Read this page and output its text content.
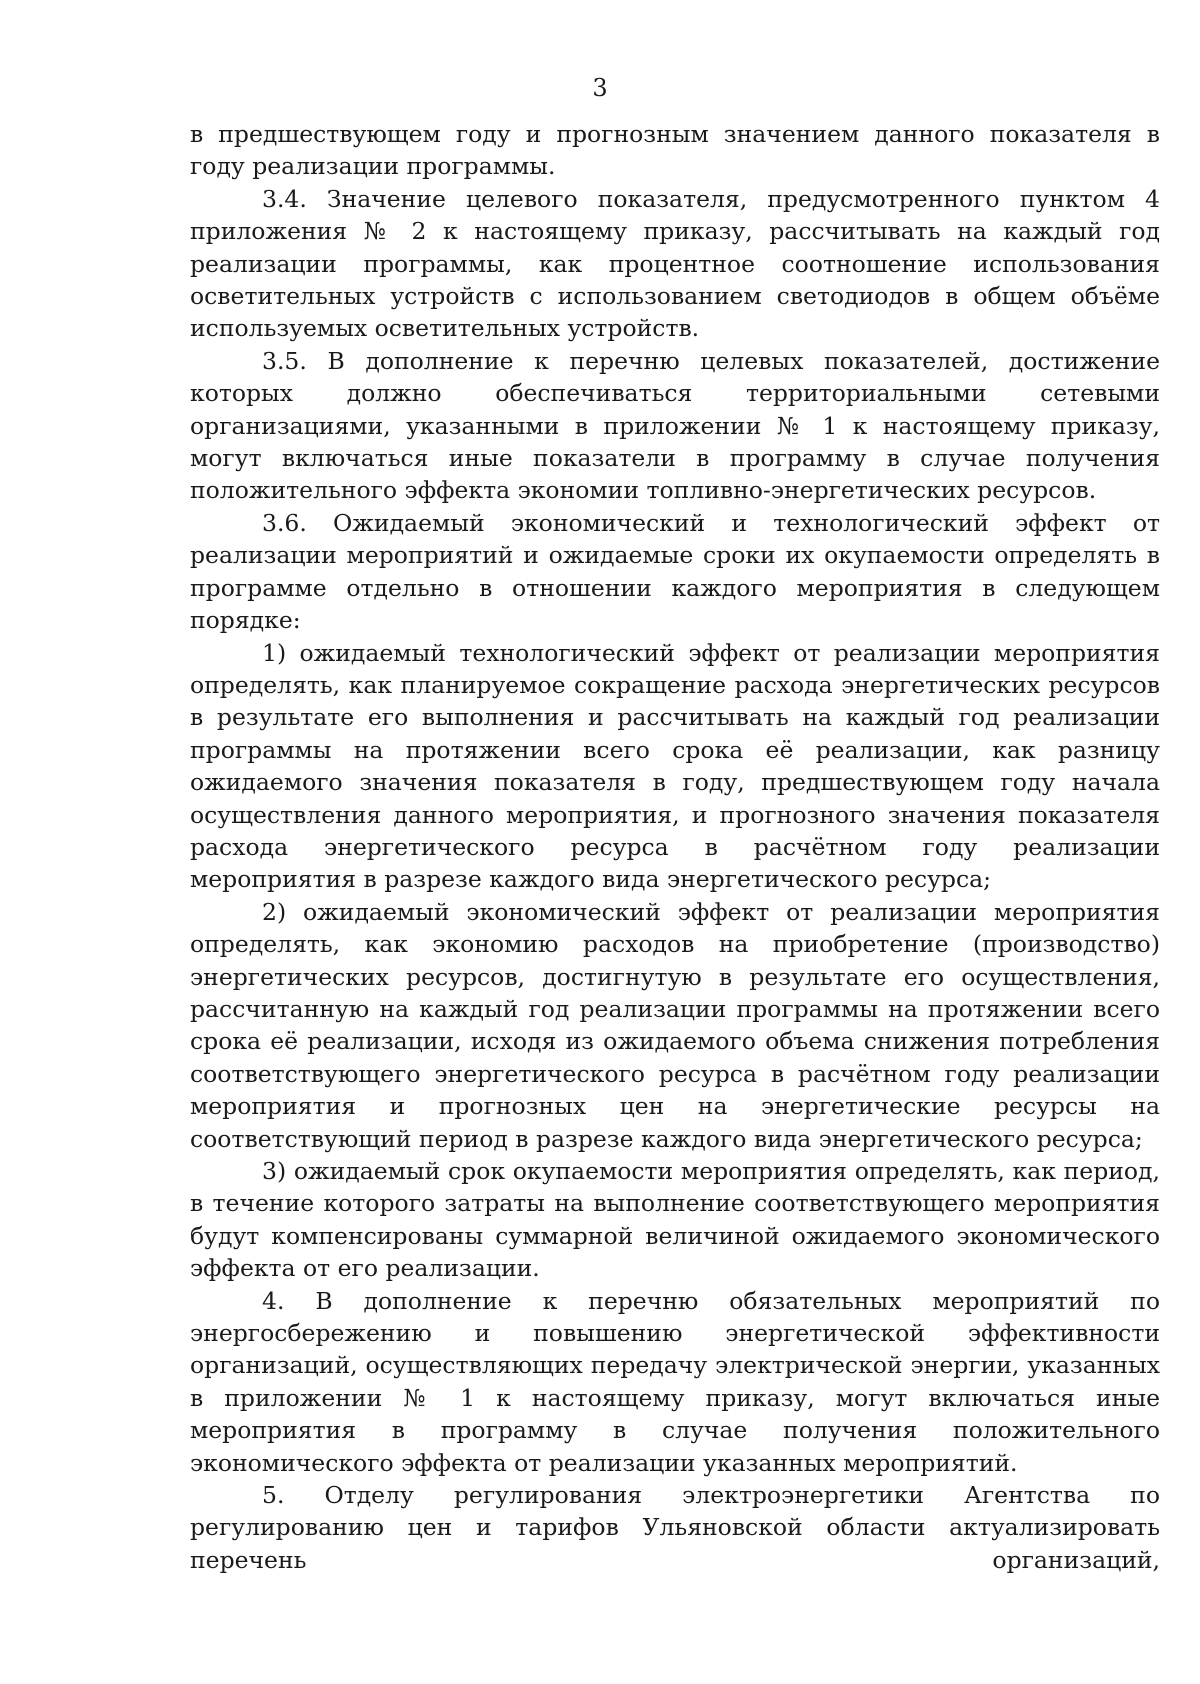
3

в предшествующем году и прогнозным значением данного показателя в году реализации программы.

3.4. Значение целевого показателя, предусмотренного пунктом 4 приложения № 2 к настоящему приказу, рассчитывать на каждый год реализации программы, как процентное соотношение использования осветительных устройств с использованием светодиодов в общем объёме используемых осветительных устройств.

3.5. В дополнение к перечню целевых показателей, достижение которых должно обеспечиваться территориальными сетевыми организациями, указанными в приложении № 1 к настоящему приказу, могут включаться иные показатели в программу в случае получения положительного эффекта экономии топливно-энергетических ресурсов.

3.6. Ожидаемый экономический и технологический эффект от реализации мероприятий и ожидаемые сроки их окупаемости определять в программе отдельно в отношении каждого мероприятия в следующем порядке:

1) ожидаемый технологический эффект от реализации мероприятия определять, как планируемое сокращение расхода энергетических ресурсов в результате его выполнения и рассчитывать на каждый год реализации программы на протяжении всего срока её реализации, как разницу ожидаемого значения показателя в году, предшествующем году начала осуществления данного мероприятия, и прогнозного значения показателя расхода энергетического ресурса в расчётном году реализации мероприятия в разрезе каждого вида энергетического ресурса;

2) ожидаемый экономический эффект от реализации мероприятия определять, как экономию расходов на приобретение (производство) энергетических ресурсов, достигнутую в результате его осуществления, рассчитанную на каждый год реализации программы на протяжении всего срока её реализации, исходя из ожидаемого объема снижения потребления соответствующего энергетического ресурса в расчётном году реализации мероприятия и прогнозных цен на энергетические ресурсы на соответствующий период в разрезе каждого вида энергетического ресурса;

3) ожидаемый срок окупаемости мероприятия определять, как период, в течение которого затраты на выполнение соответствующего мероприятия будут компенсированы суммарной величиной ожидаемого экономического эффекта от его реализации.

4. В дополнение к перечню обязательных мероприятий по энергосбережению и повышению энергетической эффективности организаций, осуществляющих передачу электрической энергии, указанных в приложении № 1 к настоящему приказу, могут включаться иные мероприятия в программу в случае получения положительного экономического эффекта от реализации указанных мероприятий.

5. Отделу регулирования электроэнергетики Агентства по регулированию цен и тарифов Ульяновской области актуализировать перечень организаций,
